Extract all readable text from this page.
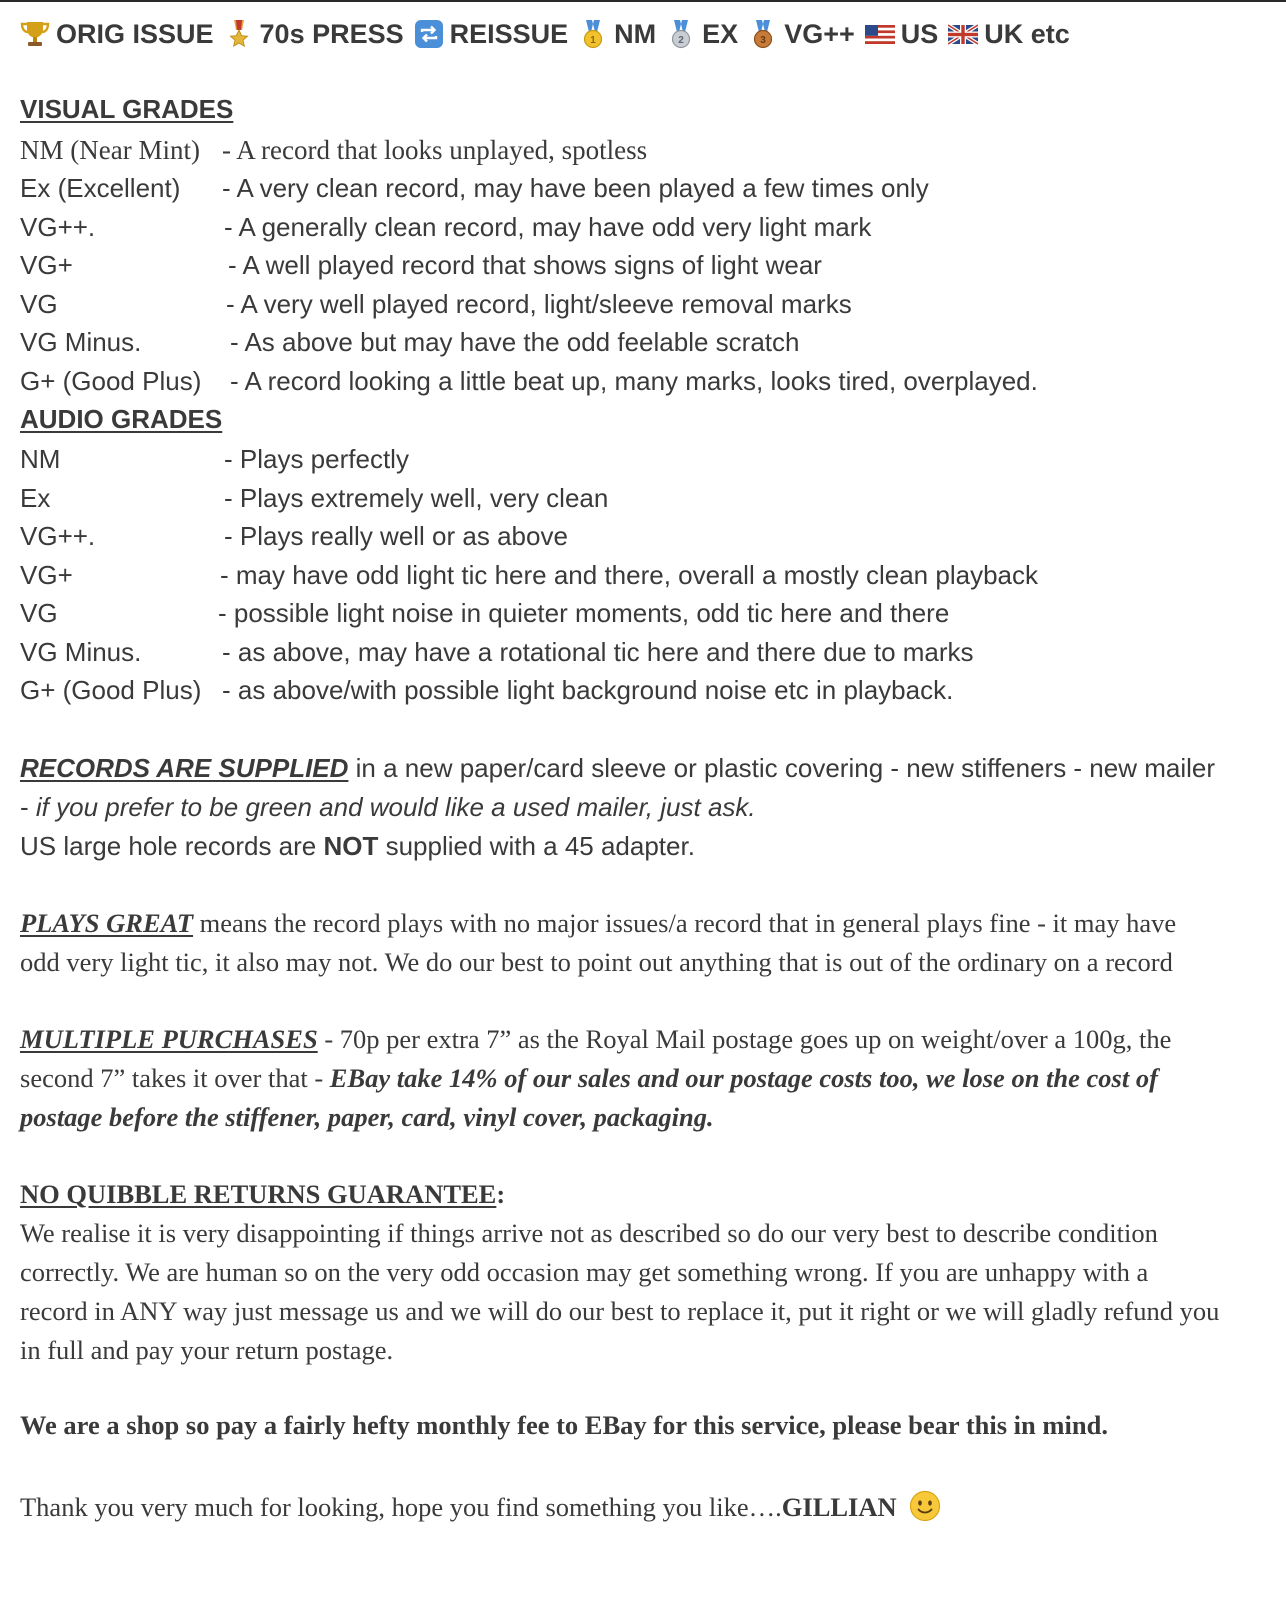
ORIG ISSUE 70s PRESS REISSUE 1 NM 2 EX 3 VG++ US UK etc
VISUAL GRADES
NM (Near Mint) - A record that looks unplayed, spotless
Ex (Excellent) - A very clean record, may have been played a few times only
VG++.	- A generally clean record, may have odd very light mark
VG+	- A well played record that shows signs of light wear
VG	- A very well played record, light/sleeve removal marks
VG Minus.	- As above but may have the odd feelable scratch
G+ (Good Plus) - A record looking a little beat up, many marks, looks tired, overplayed.
AUDIO GRADES
NM	- Plays perfectly
Ex	- Plays extremely well, very clean
VG++.	- Plays really well or as above
VG+	- may have odd light tic here and there, overall a mostly clean playback
VG	- possible light noise in quieter moments, odd tic here and there
VG Minus.	- as above, may have a rotational tic here and there due to marks
G+ (Good Plus) - as above/with possible light background noise etc in playback.
RECORDS ARE SUPPLIED in a new paper/card sleeve or plastic covering - new stiffeners - new mailer - if you prefer to be green and would like a used mailer, just ask.
US large hole records are NOT supplied with a 45 adapter.
PLAYS GREAT means the record plays with no major issues/a record that in general plays fine - it may have odd very light tic, it also may not. We do our best to point out anything that is out of the ordinary on a record
MULTIPLE PURCHASES - 70p per extra 7” as the Royal Mail postage goes up on weight/over a 100g, the second 7” takes it over that - EBay take 14% of our sales and our postage costs too, we lose on the cost of postage before the stiffener, paper, card, vinyl cover, packaging.
NO QUIBBLE RETURNS GUARANTEE:
We realise it is very disappointing if things arrive not as described so do our very best to describe condition correctly. We are human so on the very odd occasion may get something wrong. If you are unhappy with a record in ANY way just message us and we will do our best to replace it, put it right or we will gladly refund you in full and pay your return postage.
We are a shop so pay a fairly hefty monthly fee to EBay for this service, please bear this in mind.
Thank you very much for looking, hope you find something you like….GILLIAN
